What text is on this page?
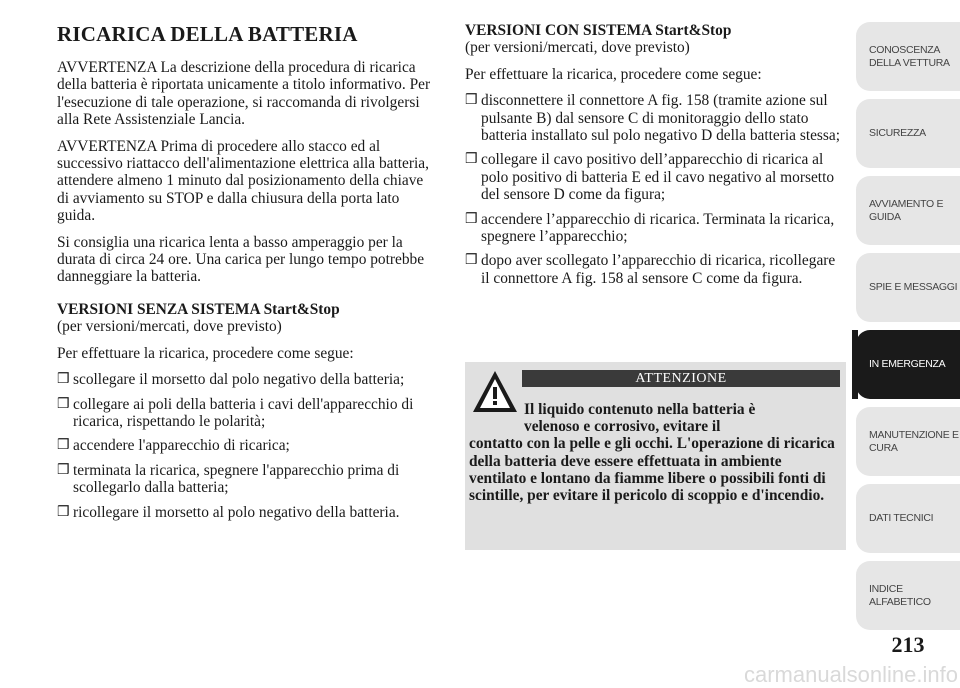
RICARICA DELLA BATTERIA

AVVERTENZA La descrizione della procedura di ricarica della batteria è riportata unicamente a titolo informativo. Per l'esecuzione di tale operazione, si raccomanda di rivolgersi alla Rete Assistenziale Lancia.

AVVERTENZA Prima di procedere allo stacco ed al successivo riattacco dell'alimentazione elettrica alla batteria, attendere almeno 1 minuto dal posizionamento della chiave di avviamento su STOP e dalla chiusura della porta lato guida.

Si consiglia una ricarica lenta a basso amperaggio per la durata di circa 24 ore. Una carica per lungo tempo potrebbe danneggiare la batteria.

VERSIONI SENZA SISTEMA Start&Stop

(per versioni/mercati, dove previsto)

Per effettuare la ricarica, procedere come segue:

❒ scollegare il morsetto dal polo negativo della batteria;
❒ collegare ai poli della batteria i cavi dell'apparecchio di ricarica, rispettando le polarità;
❒ accendere l'apparecchio di ricarica;
❒ terminata la ricarica, spegnere l'apparecchio prima di scollegarlo dalla batteria;
❒ ricollegare il morsetto al polo negativo della batteria.

VERSIONI CON SISTEMA Start&Stop

(per versioni/mercati, dove previsto)

Per effettuare la ricarica, procedere come segue:

❒ disconnettere il connettore A fig. 158 (tramite azione sul pulsante B) dal sensore C di monitoraggio dello stato batteria installato sul polo negativo D della batteria stessa;
❒ collegare il cavo positivo dell’apparecchio di ricarica al polo positivo di batteria E ed il cavo negativo al morsetto del sensore D come da figura;
❒ accendere l’apparecchio di ricarica. Terminata la ricarica, spegnere l’apparecchio;
❒ dopo aver scollegato l’apparecchio di ricarica, ricollegare il connettore A fig. 158 al sensore C come da figura.
ATTENZIONE
Il liquido contenuto nella batteria è
velenoso e corrosivo, evitare il
contatto con la pelle e gli occhi. L'operazione di ricarica della batteria deve essere effettuata in ambiente ventilato e lontano da fiamme libere o possibili fonti di scintille, per evitare il pericolo di scoppio e d'incendio.
CONOSCENZA DELLA VETTURA
SICUREZZA
AVVIAMENTO E GUIDA
SPIE E MESSAGGI
IN EMERGENZA
MANUTENZIONE E CURA
DATI TECNICI
INDICE ALFABETICO
213
carmanualsonline.info
